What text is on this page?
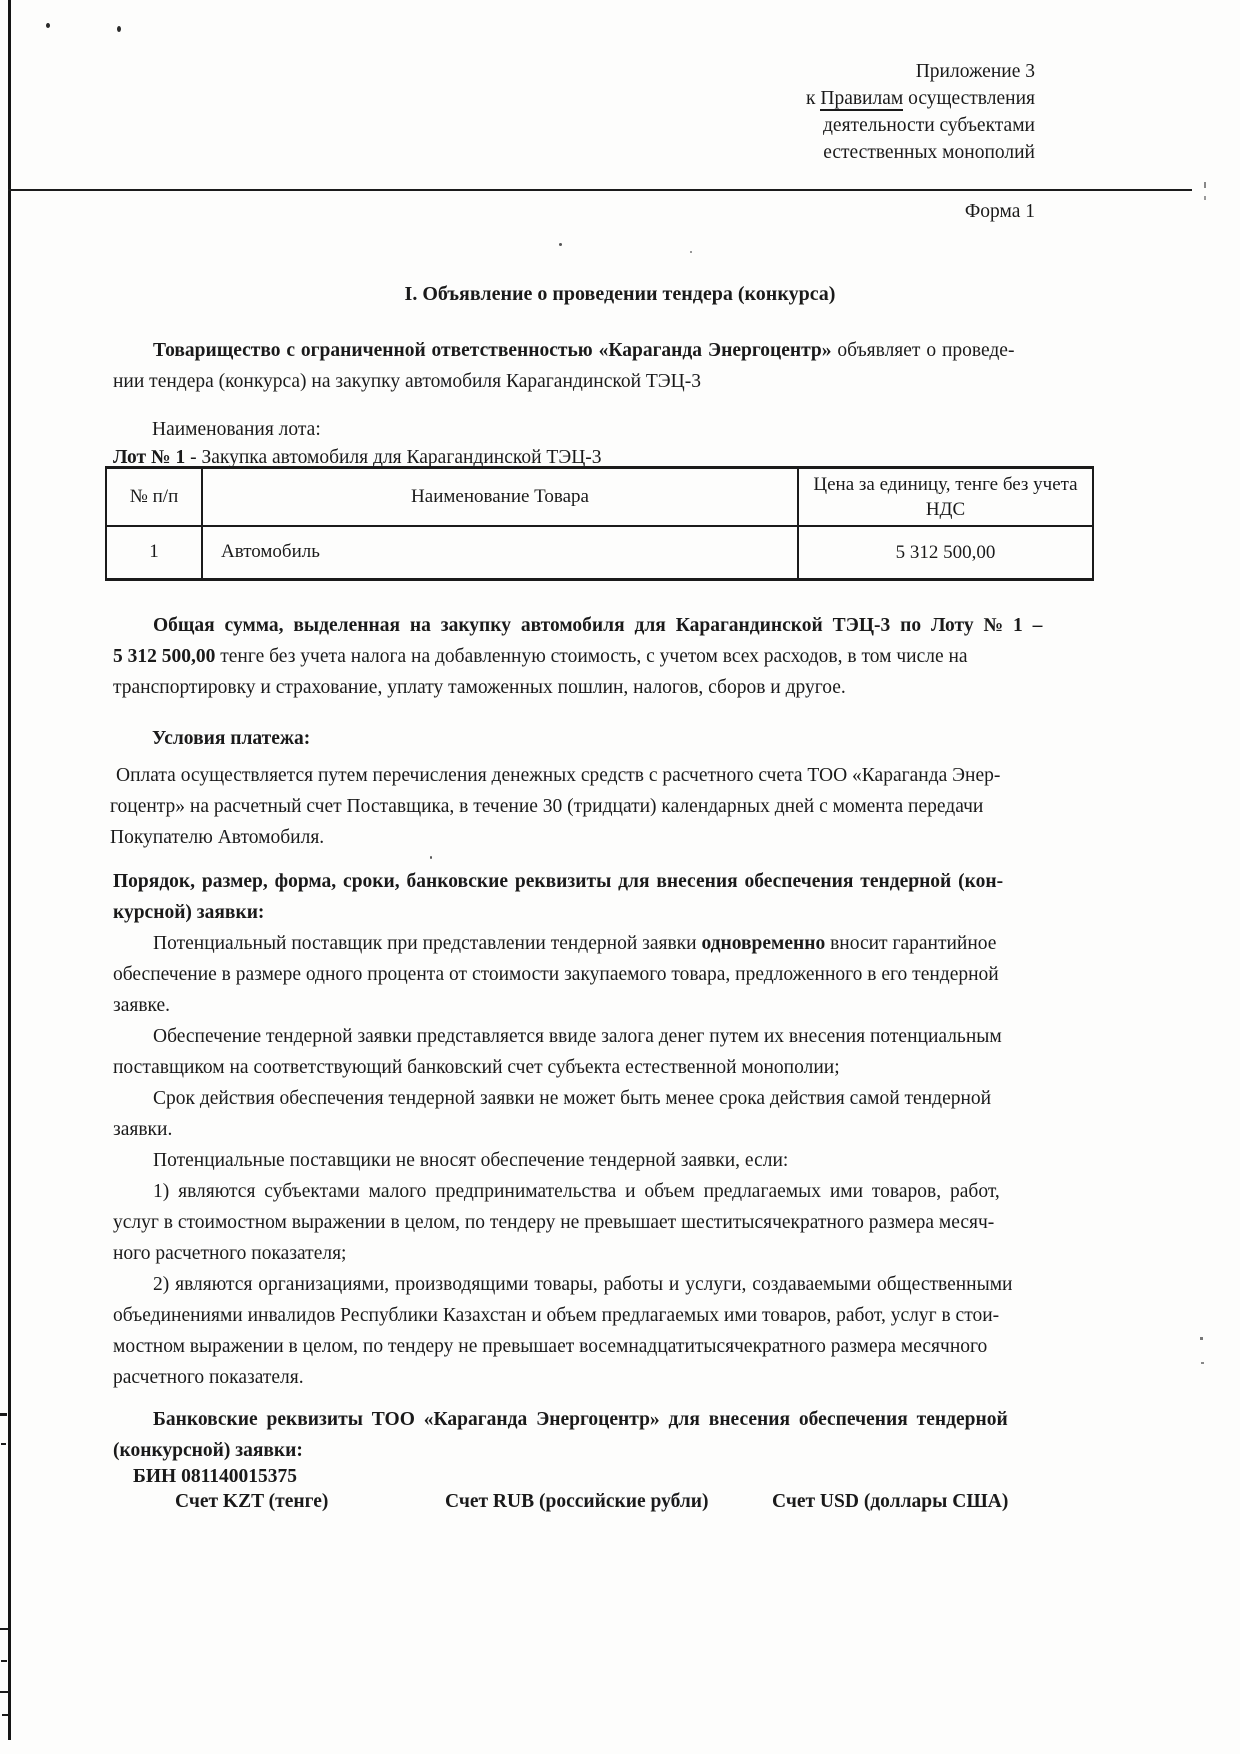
Приложение 3
к Правилам осуществления
деятельности субъектами
естественных монополий
Форма 1
I. Объявление о проведении тендера (конкурса)
Товарищество с ограниченной ответственностью «Караганда Энергоцентр» объявляет о проведе-
нии тендера (конкурса) на закупку автомобиля Карагандинской ТЭЦ-3
Наименования лота:
Лот № 1 - Закупка автомобиля для Карагандинской ТЭЦ-3
№ п/п	Наименование Товара	Цена за единицу, тенге без учета НДС
1	Автомобиль	5 312 500,00
Общая сумма, выделенная на закупку автомобиля для Карагандинской ТЭЦ-3 по Лоту № 1 –
5 312 500,00 тенге без учета налога на добавленную стоимость, с учетом всех расходов, в том числе на
транспортировку и страхование, уплату таможенных пошлин, налогов, сборов и другое.
Условия платежа:
Оплата осуществляется путем перечисления денежных средств с расчетного счета ТОО «Караганда Энер-
гоцентр» на расчетный счет Поставщика, в течение 30 (тридцати) календарных дней с момента передачи
Покупателю Автомобиля.
Порядок, размер, форма, сроки, банковские реквизиты для внесения обеспечения тендерной (кон-
курсной) заявки:
Потенциальный поставщик при представлении тендерной заявки одновременно вносит гарантийное
обеспечение в размере одного процента от стоимости закупаемого товара, предложенного в его тендерной
заявке.
Обеспечение тендерной заявки представляется ввиде залога денег путем их внесения потенциальным
поставщиком на соответствующий банковский счет субъекта естественной монополии;
Срок действия обеспечения тендерной заявки не может быть менее срока действия самой тендерной
заявки.
Потенциальные поставщики не вносят обеспечение тендерной заявки, если:
1) являются субъектами малого предпринимательства и объем предлагаемых ими товаров, работ,
услуг в стоимостном выражении в целом, по тендеру не превышает шеститысячекратного размера месяч-
ного расчетного показателя;
2) являются организациями, производящими товары, работы и услуги, создаваемыми общественными
объединениями инвалидов Республики Казахстан и объем предлагаемых ими товаров, работ, услуг в стои-
мостном выражении в целом, по тендеру не превышает восемнадцатитысячекратного размера месячного
расчетного показателя.
Банковские реквизиты ТОО «Караганда Энергоцентр» для внесения обеспечения тендерной
(конкурсной) заявки:
БИН 081140015375
Счет KZT (тенге)	Счет RUB (российские рубли)	Счет USD (доллары США)
